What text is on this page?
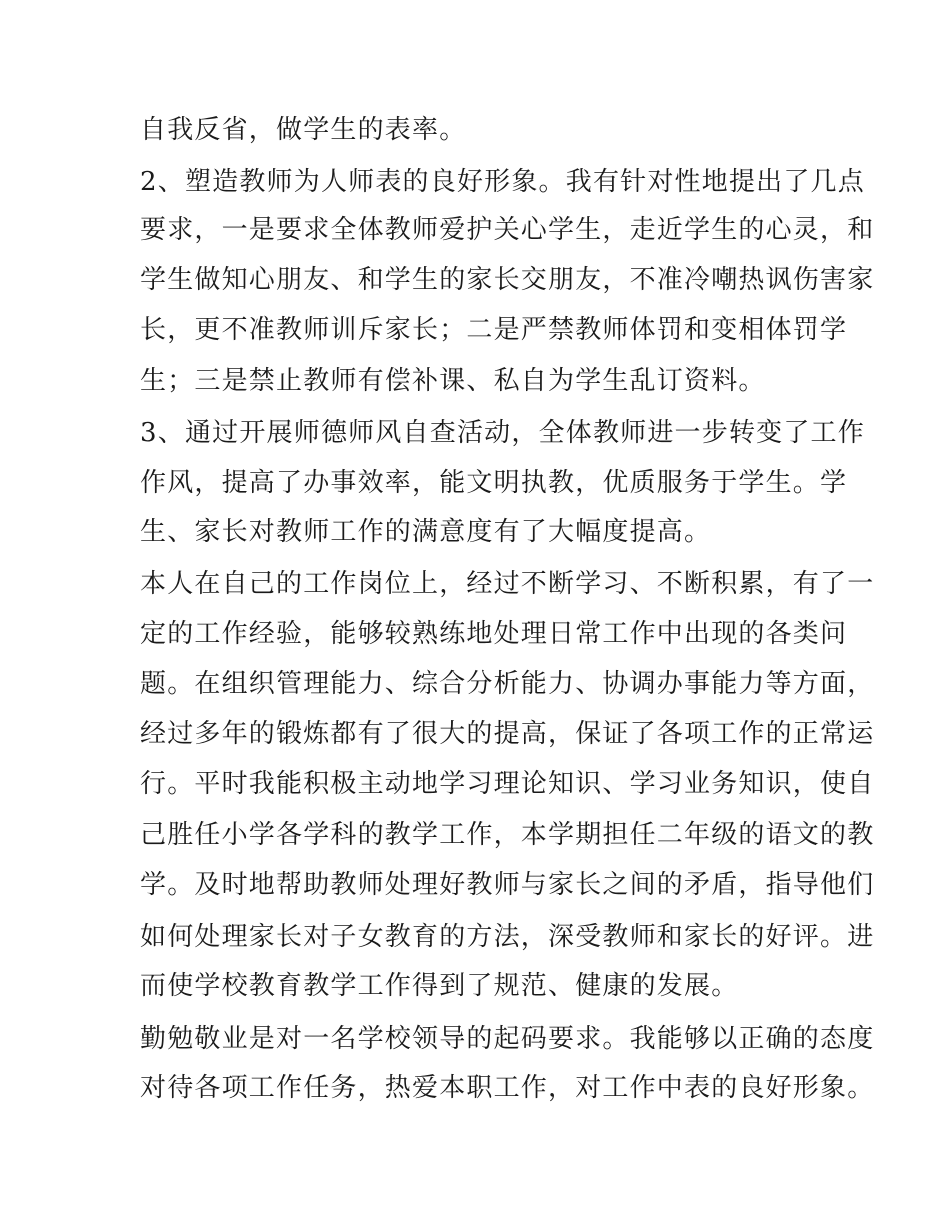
自我反省，做学生的表率。
2、塑造教师为人师表的良好形象。我有针对性地提出了几点
要求，一是要求全体教师爱护关心学生，走近学生的心灵，和
学生做知心朋友、和学生的家长交朋友，不准冷嘲热讽伤害家
长，更不准教师训斥家长；二是严禁教师体罚和变相体罚学
生；三是禁止教师有偿补课、私自为学生乱订资料。
3、通过开展师德师风自查活动，全体教师进一步转变了工作
作风，提高了办事效率，能文明执教，优质服务于学生。学
生、家长对教师工作的满意度有了大幅度提高。
本人在自己的工作岗位上，经过不断学习、不断积累，有了一
定的工作经验，能够较熟练地处理日常工作中出现的各类问
题。在组织管理能力、综合分析能力、协调办事能力等方面，
经过多年的锻炼都有了很大的提高，保证了各项工作的正常运
行。平时我能积极主动地学习理论知识、学习业务知识，使自
己胜任小学各学科的教学工作，本学期担任二年级的语文的教
学。及时地帮助教师处理好教师与家长之间的矛盾，指导他们
如何处理家长对子女教育的方法，深受教师和家长的好评。进
而使学校教育教学工作得到了规范、健康的发展。
勤勉敬业是对一名学校领导的起码要求。我能够以正确的态度
对待各项工作任务，热爱本职工作，对工作中表的良好形象。
